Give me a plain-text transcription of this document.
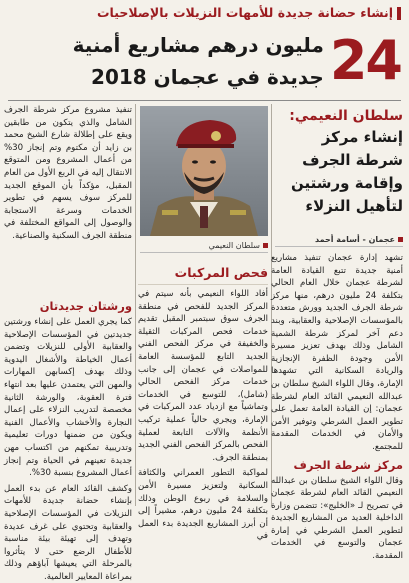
إنشاء حضانة جديدة للأمهات النزيلات بالإصلاحيات
24
مليون درهم مشاريع أمنية
جديدة في عجمان 2018
سلطان النعيمي:
إنشاء مركز
شرطة الجرف
وإقامة ورشتين
لتأهيل النزلاء
عجمان - أسامة أحمد
سلطان النعيمي

تنفيذ مشروع مركز شرطة الجرف الشامل والذي يتكون من طابقين ويقع على إطلالة شارع الشيخ محمد بن زايد أن مكتوم وتم إنجاز 30% من أعمال المشروع ومن المتوقع الانتقال إليه في الربع الأول من العام المقبل، مؤكداً بأن الموقع الجديد للمركز سوف يسهم في تطوير الخدمات وسرعة الاستجابة والوصول إلى المواقع المختلفة في منطقة الجرف السكنية والصناعية.

ورشتان جديدتان

كما يجري العمل على إنشاء ورشتين جديدتين في المؤسسات الإصلاحية والعقابية الأولى للنزيلات وتضمن أعمال الخياطة والأشغال اليدوية وذلك بهدف إكسابهن المهارات والمهن التي يعتمدن عليها بعد انتهاء فترة العقوبة، والورشة الثانية مخصصة لتدريب النزلاء على إعمال النجارة والأخشاب والأعمال الفنية ويكون من ضمنها دورات تعليمية وتدريبية تمكنهم من اكتساب مهن جديدة تعينهم في الحياة وتم إنجاز أعمال المشروع بنسبة 30%.

وكشف القائد العام عن بدء العمل بإنشاء حضانة جديدة للأمهات النزيلات في المؤسسات الإصلاحية والعقابية وتحتوي على غرف عديدة وتهدف إلى تهيئة بيئة مناسبة للأطفال الرضع حتى لا يتأثروا بالمرحلة التي يعيشها آباؤهم وذلك بمراعاة المعايير العالمية.

فحص المركبات

أفاد اللواء النعيمي بأنه سيتم في المركز الجديد للفحص في منطقة الجرف سوق سبتمبر المقبل تقديم خدمات فحص المركبات الثقيلة والخفيفة في مركز الفحص الفني الجديد التابع للمؤسسة العامة للمواصلات في عجمان إلى جانب خدمات مركز الفحص الحالي (شامل)، للتوسع في الخدمات وتماشياً مع ازدياد عدد المركبات في الإمارة، ويجري حالياً عملية تركيب الأنظمة والآلات التابعة لعملية الفحص بالمركز الفحص الفني الجديد بمنطقة الجرف.

لمواكبة التطور العمراني والكثافة السكانية ولتعزيز مسيرة الأمن والسلامة في ربوع الوطن وذلك بتكلفة 24 مليون درهم، مشيراً إلى أن أبرز المشاريع الجديدة بدء العمل في

تشهد إدارة عجمان تنفيذ مشاريع أمنية جديدة تتبع القيادة العامة لشرطة عجمان خلال العام الحالي بتكلفة 24 مليون درهم، منها مركز شرطة الجرف الجديد وورش متعددة بالمؤسسات الإصلاحية والعقابية، وبند دعم آخر لمركز شرطة الشمية الشامل وذلك بهدف تعزيز مسيرة الأمن وجودة الظفرة الإنجازية والريادة السكانية التي تشهدها الإمارة، وقال اللواء الشيخ سلطان بن عبدالله النعيمي القائد العام لشرطة عجمان: إن القيادة العامة تعمل على تطوير العمل الشرطي وتوفير الأمن والأمان في الخدمات المقدمة للمجتمع.

مركز شرطة الجرف

وقال اللواء الشيخ سلطان بن عبدالله النعيمي القائد العام لشرطة عجمان في تصريح لـ «الخليج»: تتضمن وزارة الداخلية العديد من المشاريع الجديدة لتطوير العمل الشرطي في إمارة عجمان والتوسع في الخدمات المقدمة.
